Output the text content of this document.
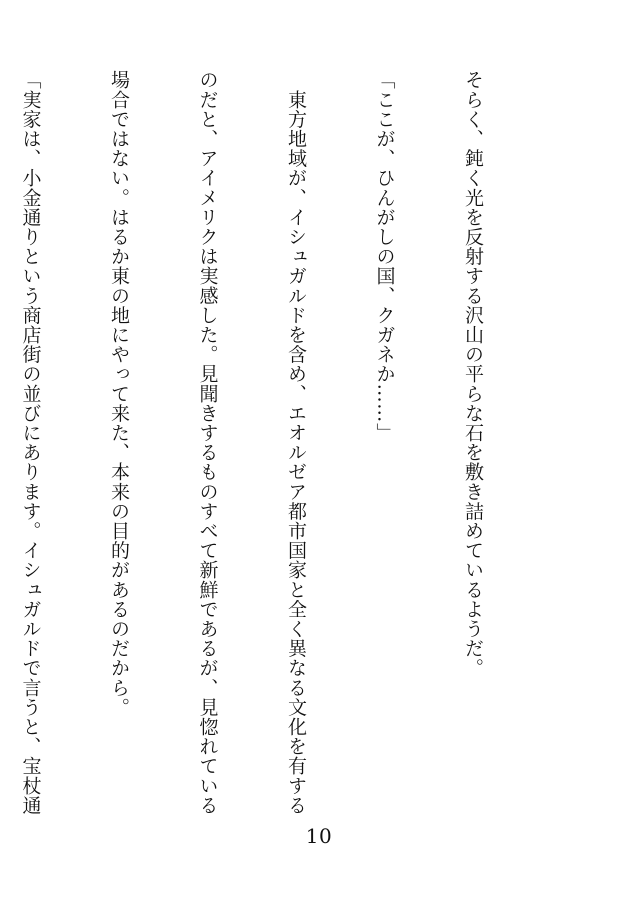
そらく、鈍く光を反射する沢山の平らな石を敷き詰めているようだ。

「ここが、ひんがしの国、クガネか……」

　東方地域が、イシュガルドを含め、エオルゼア都市国家と全く異なる文化を有する

のだと、アイメリクは実感した。見聞きするものすべて新鮮であるが、見惚れている

場合ではない。はるか東の地にやって来た、本来の目的があるのだから。

「実家は、小金通りという商店街の並びにあります。イシュガルドで言うと、宝杖通

10
